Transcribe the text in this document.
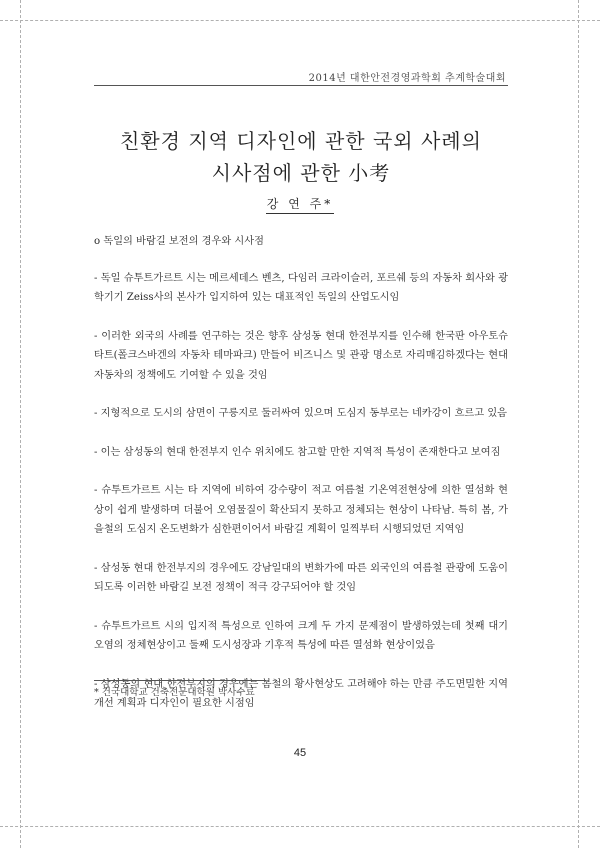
2014년 대한안전경영과학회 추계학술대회
친환경 지역 디자인에 관한 국외 사례의
시사점에 관한 小考
강 연 주*

o 독일의 바람길 보전의 경우와 시사점

- 독일 슈투트가르트 시는 메르세데스 벤츠, 다임러 크라이슬러, 포르쉐 등의 자동차 회사와 광학기기 Zeiss사의 본사가 입지하여 있는 대표적인 독일의 산업도시임

- 이러한 외국의 사례를 연구하는 것은 향후 삼성동 현대 한전부지를 인수해 한국판 아우토슈타트(폴크스바겐의 자동차 테마파크) 만들어 비즈니스 및 관광 명소로 자리매김하겠다는 현대자동차의 정책에도 기여할 수 있을 것임

- 지형적으로 도시의 삼면이 구릉지로 둘러싸여 있으며 도심지 동부로는 네카강이 흐르고 있음

- 이는 삼성동의 현대 한전부지 인수 위치에도 참고할 만한 지역적 특성이 존재한다고 보여짐

- 슈투트가르트 시는 타 지역에 비하여 강수량이 적고 여름철 기온역전현상에 의한 열섬화 현상이 쉽게 발생하며 더불어 오염물질이 확산되지 못하고 정체되는 현상이 나타남. 특히 봄, 가을철의 도심지 온도변화가 심한편이어서 바람길 계획이 일찍부터 시행되었던 지역임

- 삼성동 현대 한전부지의 경우에도 강남일대의 변화가에 따른 외국인의 여름철 관광에 도움이 되도록 이러한 바람길 보전 정책이 적극 강구되어야 할 것임

- 슈투트가르트 시의 입지적 특성으로 인하여 크게 두 가지 문제점이 발생하였는데 첫째 대기오염의 정체현상이고 둘째 도시성장과 기후적 특성에 따른 열섬화 현상이었음

- 삼성동의 현대 한전부지의 경우에는 봄철의 황사현상도 고려해야 하는 만큼 주도면밀한 지역개선 계획과 디자인이 필요한 시점임

* 건국대학교 건축전문대학원 박사수료
45
